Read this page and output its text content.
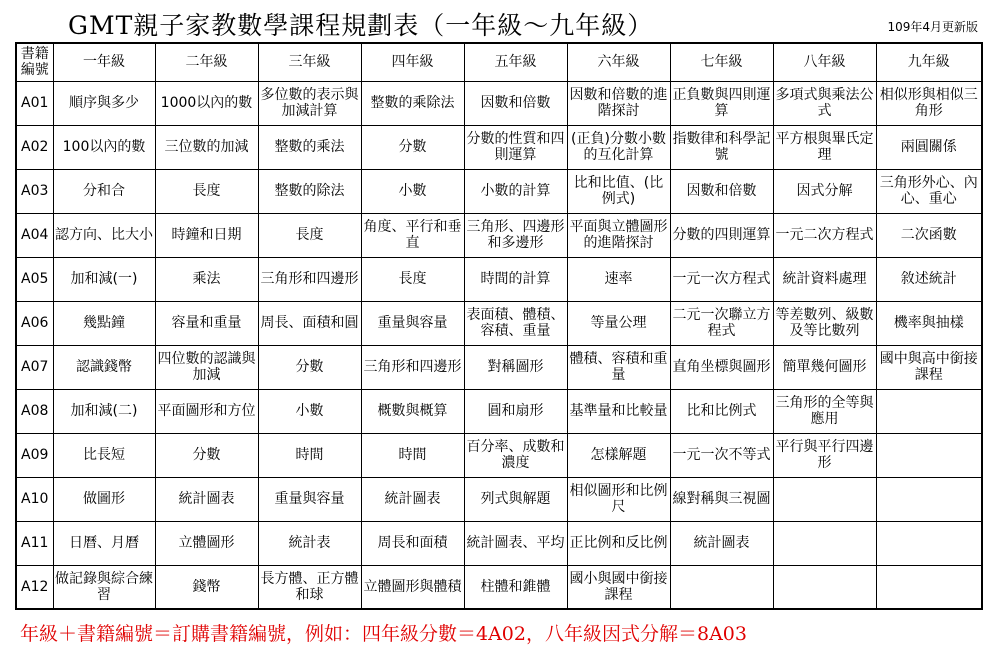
GMT親子家教數學課程規劃表（一年級～九年級）	109年4月更新版
書籍編號	一年級	二年級	三年級	四年級	五年級	六年級	七年級	八年級	九年級
A01	順序與多少	1000以內的數	多位數的表示與加減計算	整數的乘除法	因數和倍數	因數和倍數的進階探討	正負數與四則運算	多項式與乘法公式	相似形與相似三角形
A02	100以內的數	三位數的加減	整數的乘法	分數	分數的性質和四則運算	(正負)分數小數的互化計算	指數律和科學記號	平方根與畢氏定理	兩圓關係
A03	分和合	長度	整數的除法	小數	小數的計算	比和比值、(比例式)	因數和倍數	因式分解	三角形外心、內心、重心
A04	認方向、比大小	時鐘和日期	長度	角度、平行和垂直	三角形、四邊形和多邊形	平面與立體圖形的進階探討	分數的四則運算	一元二次方程式	二次函數
A05	加和減(一)	乘法	三角形和四邊形	長度	時間的計算	速率	一元一次方程式	統計資料處理	敘述統計
A06	幾點鐘	容量和重量	周長、面積和圓	重量與容量	表面積、體積、容積、重量	等量公理	二元一次聯立方程式	等差數列、級數及等比數列	機率與抽樣
A07	認識錢幣	四位數的認識與　加減	分數	三角形和四邊形	對稱圖形	體積、容積和重量	直角坐標與圖形	簡單幾何圖形	國中與高中銜接課程
A08	加和減(二)	平面圖形和方位	小數	概數與概算	圓和扇形	基準量和比較量	比和比例式	三角形的全等與應用	
A09	比長短	分數	時間	時間	百分率、成數和濃度	怎樣解題	一元一次不等式	平行與平行四邊形	
A10	做圖形	統計圖表	重量與容量	統計圖表	列式與解題	相似圖形和比例尺	線對稱與三視圖		
A11	日曆、月曆	立體圖形	統計表	周長和面積	統計圖表、平均	正比例和反比例	統計圖表		
A12	做記錄與綜合練習	錢幣	長方體、正方體和球	立體圖形與體積	柱體和錐體	國小與國中銜接課程			
年級＋書籍編號＝訂購書籍編號，例如：四年級分數＝4A02，八年級因式分解＝8A03
